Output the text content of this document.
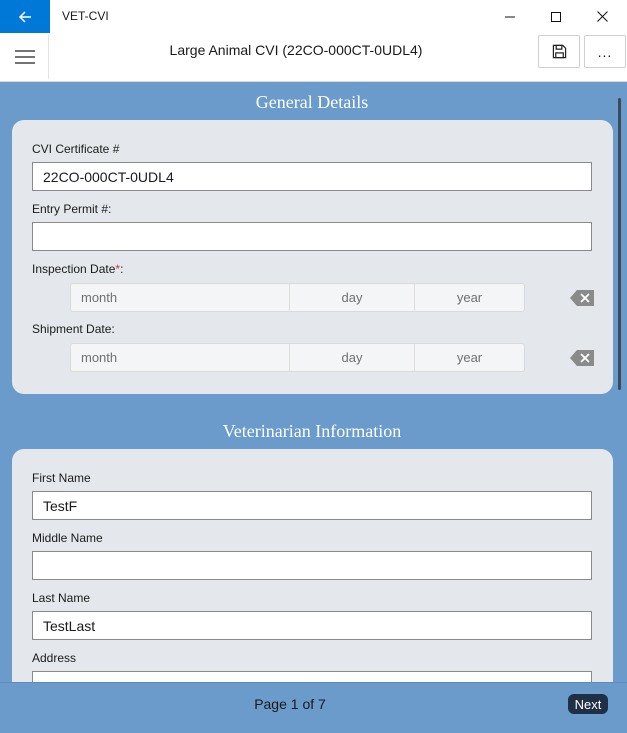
VET-CVI
Large Animal CVI (22CO-000CT-0UDL4)	...
General Details
CVI Certificate #
22CO-000CT-0UDL4
Entry Permit #:
Inspection Date*:
month	day	year
Shipment Date:
month	day	year
Veterinarian Information
First Name
TestF
Middle Name
Last Name
TestLast
Address
Page 1 of 7	Next
